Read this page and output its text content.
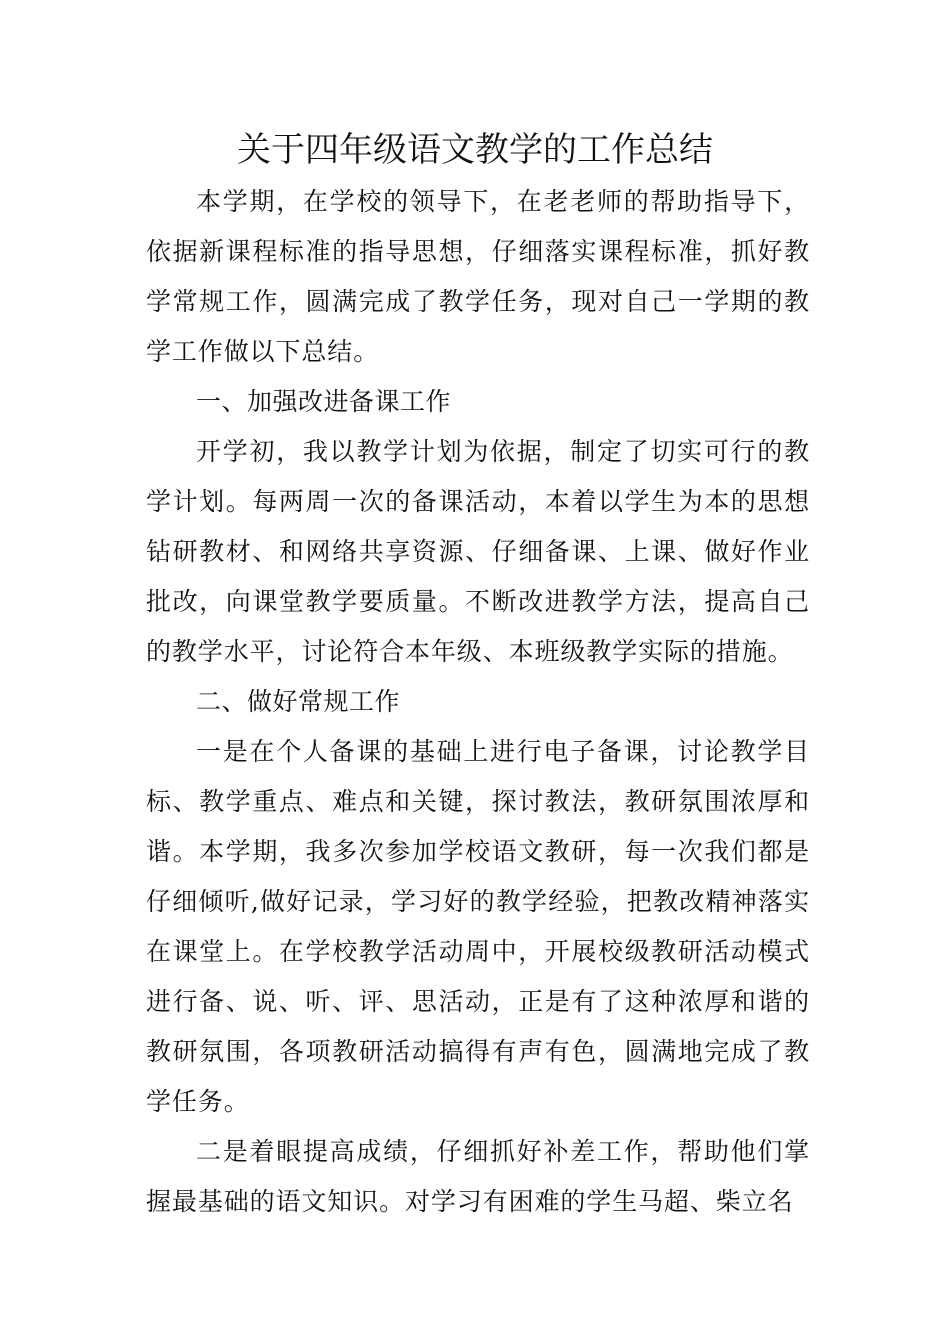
关于四年级语文教学的工作总结

本学期，在学校的领导下，在老老师的帮助指导下，依据新课程标准的指导思想，仔细落实课程标准，抓好教学常规工作，圆满完成了教学任务，现对自己一学期的教学工作做以下总结。

一、加强改进备课工作

开学初，我以教学计划为依据，制定了切实可行的教学计划。每两周一次的备课活动，本着以学生为本的思想钻研教材、和网络共享资源、仔细备课、上课、做好作业批改，向课堂教学要质量。不断改进教学方法，提高自己的教学水平，讨论符合本年级、本班级教学实际的措施。

二、做好常规工作

一是在个人备课的基础上进行电子备课，讨论教学目标、教学重点、难点和关键，探讨教法，教研氛围浓厚和谐。本学期，我多次参加学校语文教研，每一次我们都是仔细倾听,做好记录，学习好的教学经验，把教改精神落实在课堂上。在学校教学活动周中，开展校级教研活动模式进行备、说、听、评、思活动，正是有了这种浓厚和谐的教研氛围，各项教研活动搞得有声有色，圆满地完成了教学任务。

二是着眼提高成绩，仔细抓好补差工作，帮助他们掌握最基础的语文知识。对学习有困难的学生马超、柴立名
